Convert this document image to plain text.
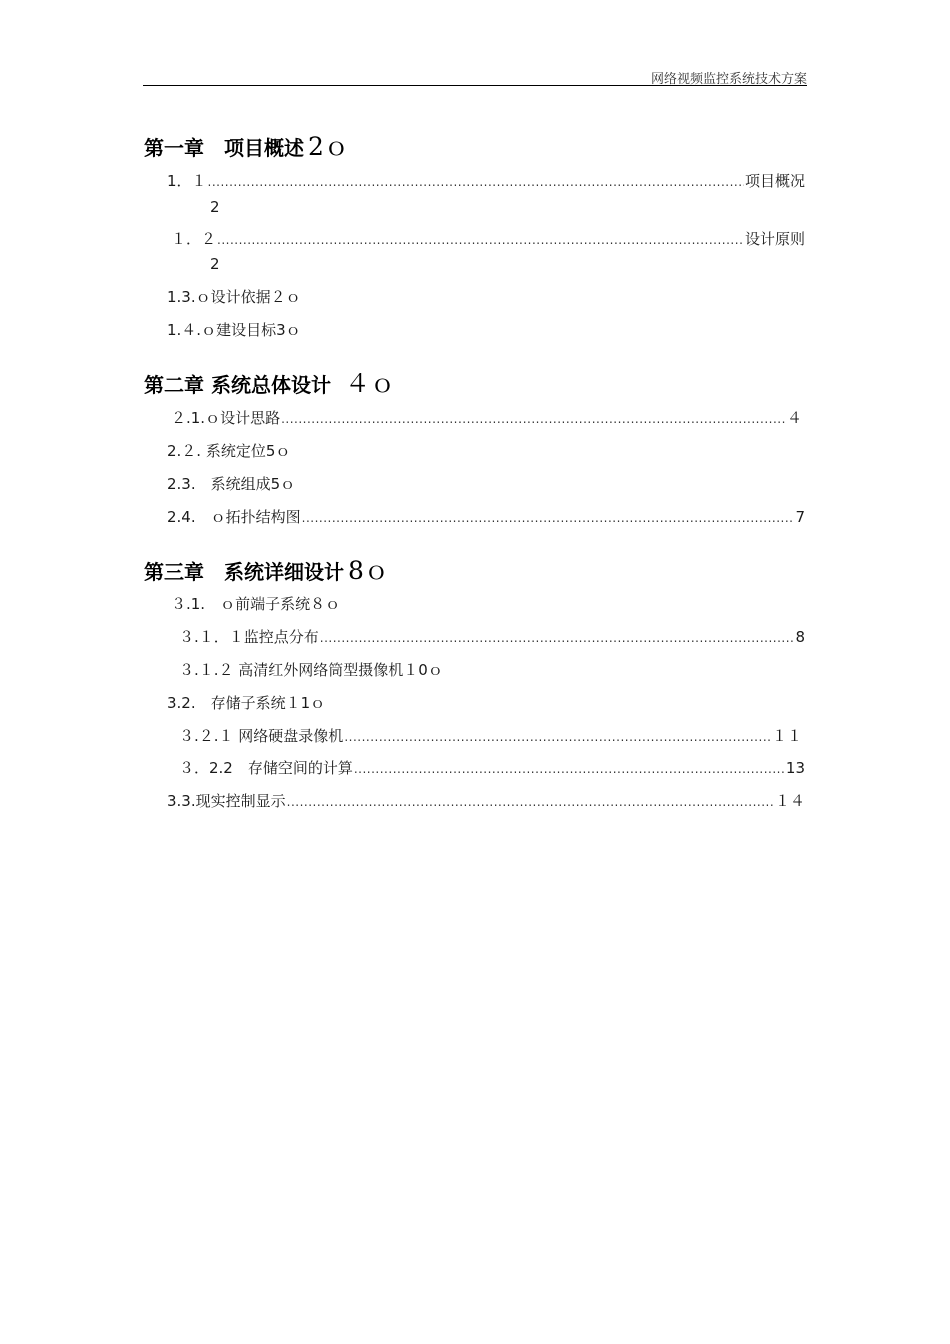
网络视频监控系统技术方案
第一章　项目概述 2ｏ
1．１ .....	项目概况
2
１．２ .....	设计原则
2
1.3.ｏ设计依据２ｏ
1.４.ｏ建设目标3ｏ
第二章 系统总体设计 ４ｏ
２.1.ｏ设计思路 .....	４
2.２. 系统定位5ｏ
2.3.　系统组成5ｏ
2.4.　ｏ拓扑结构图 .....	7
第三章　系统详细设计 8ｏ
３.1.　ｏ前端子系统８ｏ
３.１．１监控点分布 .....	8
３.１.２ 高清红外网络筒型摄像机１0ｏ
3.2.　存储子系统１1ｏ
３.２.１ 网络硬盘录像机 .....	１１
３．2.2　存储空间的计算 .....	13
3.3.现实控制显示 .....	１４
